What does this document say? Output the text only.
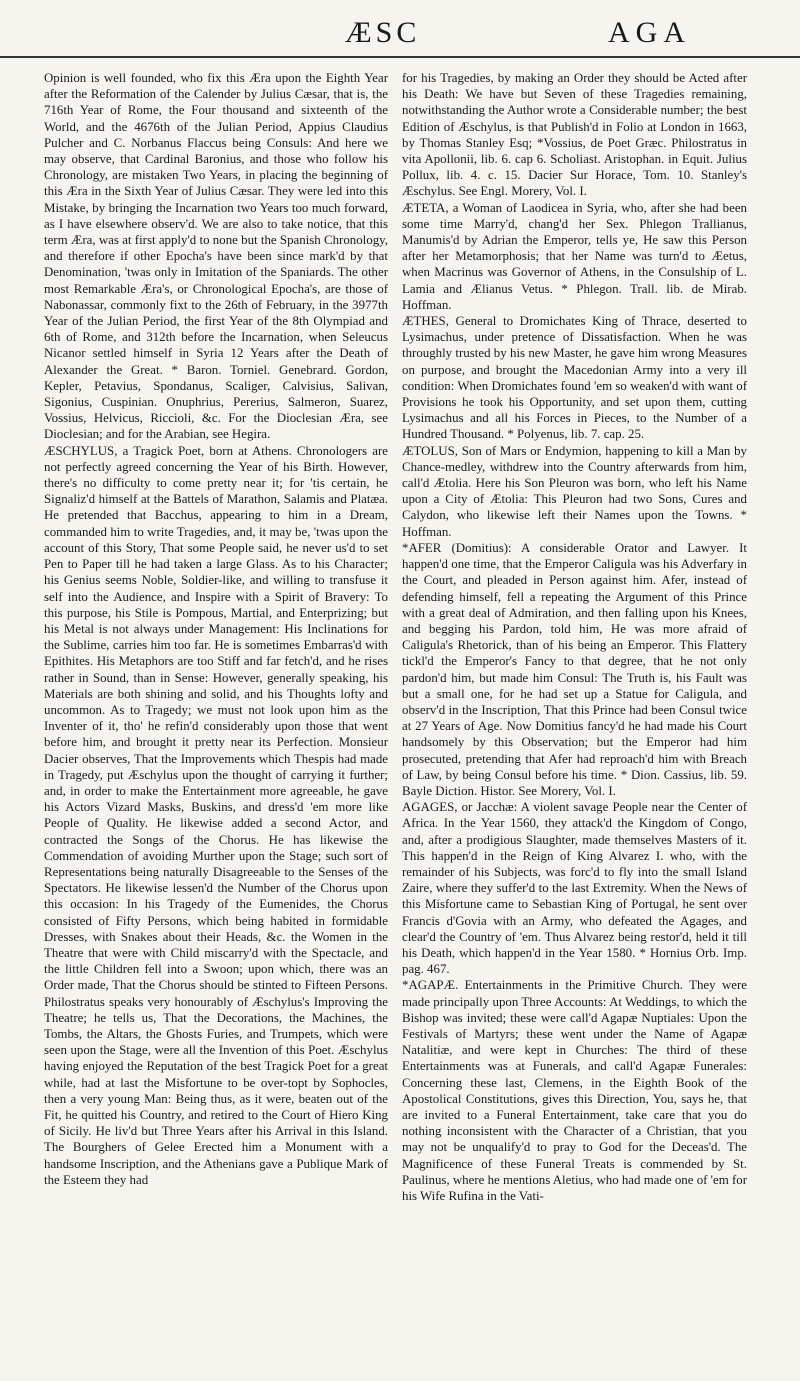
ÆSC	AGA

Opinion is well founded, who fix this Æra upon the Eighth Year after the Reformation of the Calender by Julius Cæsar, that is, the 716th Year of Rome, the Four thousand and sixteenth of the World, and the 4676th of the Julian Period, Appius Claudius Pulcher and C. Norbanus Flaccus being Consuls: And here we may observe, that Cardinal Baronius, and those who follow his Chronology, are mistaken Two Years, in placing the beginning of this Æra in the Sixth Year of Julius Cæsar. They were led into this Mistake, by bringing the Incarnation two Years too much forward, as I have elsewhere observ'd. We are also to take notice, that this term Æra, was at first apply'd to none but the Spanish Chronology, and therefore if other Epocha's have been since mark'd by that Denomination, 'twas only in Imitation of the Spaniards. The other most Remarkable Æra's, or Chronological Epocha's, are those of Nabonassar, commonly fixt to the 26th of February, in the 3977th Year of the Julian Period, the first Year of the 8th Olympiad and 6th of Rome, and 312th before the Incarnation, when Seleucus Nicanor settled himself in Syria 12 Years after the Death of Alexander the Great. * Baron. Torniel. Genebrard. Gordon, Kepler, Petavius, Spondanus, Scaliger, Calvisius, Salivan, Sigonius, Cuspinian. Onuphrius, Pererius, Salmeron, Suarez, Vossius, Helvicus, Riccioli, &c. For the Dioclesian Æra, see Dioclesian; and for the Arabian, see Hegira.

ÆSCHYLUS, a Tragick Poet, born at Athens. Chronologers are not perfectly agreed concerning the Year of his Birth. However, there's no difficulty to come pretty near it; for 'tis certain, he Signaliz'd himself at the Battels of Marathon, Salamis and Platæa. He pretended that Bacchus, appearing to him in a Dream, commanded him to write Tragedies, and, it may be, 'twas upon the account of this Story, That some People said, he never us'd to set Pen to Paper till he had taken a large Glass. As to his Character; his Genius seems Noble, Soldier-like, and willing to transfuse it self into the Audience, and Inspire with a Spirit of Bravery: To this purpose, his Stile is Pompous, Martial, and Enterprizing; but his Metal is not always under Management: His Inclinations for the Sublime, carries him too far. He is sometimes Embarras'd with Epithites. His Metaphors are too Stiff and far fetch'd, and he rises rather in Sound, than in Sense: However, generally speaking, his Materials are both shining and solid, and his Thoughts lofty and uncommon. As to Tragedy; we must not look upon him as the Inventer of it, tho' he refin'd considerably upon those that went before him, and brought it pretty near its Perfection. Monsieur Dacier observes, That the Improvements which Thespis had made in Tragedy, put Æschylus upon the thought of carrying it further; and, in order to make the Entertainment more agreeable, he gave his Actors Vizard Masks, Buskins, and dress'd 'em more like People of Quality. He likewise added a second Actor, and contracted the Songs of the Chorus. He has likewise the Commendation of avoiding Murther upon the Stage; such sort of Representations being naturally Disagreeable to the Senses of the Spectators. He likewise lessen'd the Number of the Chorus upon this occasion: In his Tragedy of the Eumenides, the Chorus consisted of Fifty Persons, which being habited in formidable Dresses, with Snakes about their Heads, &c. the Women in the Theatre that were with Child miscarry'd with the Spectacle, and the little Children fell into a Swoon; upon which, there was an Order made, That the Chorus should be stinted to Fifteen Persons. Philostratus speaks very honourably of Æschylus's Improving the Theatre; he tells us, That the Decorations, the Machines, the Tombs, the Altars, the Ghosts Furies, and Trumpets, which were seen upon the Stage, were all the Invention of this Poet. Æschylus having enjoyed the Reputation of the best Tragick Poet for a great while, had at last the Misfortune to be over-topt by Sophocles, then a very young Man: Being thus, as it were, beaten out of the Fit, he quitted his Country, and retired to the Court of Hiero King of Sicily. He liv'd but Three Years after his Arrival in this Island. The Bourghers of Gelee Erected him a Monument with a handsome Inscription, and the Athenians gave a Publique Mark of the Esteem they had

for his Tragedies, by making an Order they should be Acted after his Death: We have but Seven of these Tragedies remaining, notwithstanding the Author wrote a Considerable number; the best Edition of Æschylus, is that Publish'd in Folio at London in 1663, by Thomas Stanley Esq; *Vossius, de Poet Græc. Philostratus in vita Apollonii, lib. 6. cap 6. Scholiast. Aristophan. in Equit. Julius Pollux, lib. 4. c. 15. Dacier Sur Horace, Tom. 10. Stanley's Æschylus. See Engl. Morery, Vol. I.

ÆTETA, a Woman of Laodicea in Syria, who, after she had been some time Marry'd, chang'd her Sex. Phlegon Trallianus, Manumis'd by Adrian the Emperor, tells ye, He saw this Person after her Metamorphosis; that her Name was turn'd to Æetus, when Macrinus was Governor of Athens, in the Consulship of L. Lamia and Ælianus Vetus. * Phlegon. Trall. lib. de Mirab. Hoffman.

ÆTHES, General to Dromichates King of Thrace, deserted to Lysimachus, under pretence of Dissatisfaction. When he was throughly trusted by his new Master, he gave him wrong Measures on purpose, and brought the Macedonian Army into a very ill condition: When Dromichates found 'em so weaken'd with want of Provisions he took his Opportunity, and set upon them, cutting Lysimachus and all his Forces in Pieces, to the Number of a Hundred Thousand. * Polyenus, lib. 7. cap. 25.

ÆTOLUS, Son of Mars or Endymion, happening to kill a Man by Chance-medley, withdrew into the Country afterwards from him, call'd Ætolia. Here his Son Pleuron was born, who left his Name upon a City of Ætolia: This Pleuron had two Sons, Cures and Calydon, who likewise left their Names upon the Towns. * Hoffman.

*AFER (Domitius): A considerable Orator and Lawyer. It happen'd one time, that the Emperor Caligula was his Adverfary in the Court, and pleaded in Person against him. Afer, instead of defending himself, fell a repeating the Argument of this Prince with a great deal of Admiration, and then falling upon his Knees, and begging his Pardon, told him, He was more afraid of Caligula's Rhetorick, than of his being an Emperor. This Flattery tickl'd the Emperor's Fancy to that degree, that he not only pardon'd him, but made him Consul: The Truth is, his Fault was but a small one, for he had set up a Statue for Caligula, and observ'd in the Inscription, That this Prince had been Consul twice at 27 Years of Age. Now Domitius fancy'd he had made his Court handsomely by this Observation; but the Emperor had him prosecuted, pretending that Afer had reproach'd him with Breach of Law, by being Consul before his time. * Dion. Cassius, lib. 59. Bayle Diction. Histor. See Morery, Vol. I.

AGAGES, or Jacchæ: A violent savage People near the Center of Africa. In the Year 1560, they attack'd the Kingdom of Congo, and, after a prodigious Slaughter, made themselves Masters of it. This happen'd in the Reign of King Alvarez I. who, with the remainder of his Subjects, was forc'd to fly into the small Island Zaire, where they suffer'd to the last Extremity. When the News of this Misfortune came to Sebastian King of Portugal, he sent over Francis d'Govia with an Army, who defeated the Agages, and clear'd the Country of 'em. Thus Alvarez being restor'd, held it till his Death, which happen'd in the Year 1580. * Hornius Orb. Imp. pag. 467.

*AGAPÆ. Entertainments in the Primitive Church. They were made principally upon Three Accounts: At Weddings, to which the Bishop was invited; these were call'd Agapæ Nuptiales: Upon the Festivals of Martyrs; these went under the Name of Agapæ Natalitiæ, and were kept in Churches: The third of these Entertainments was at Funerals, and call'd Agapæ Funerales: Concerning these last, Clemens, in the Eighth Book of the Apostolical Constitutions, gives this Direction, You, says he, that are invited to a Funeral Entertainment, take care that you do nothing inconsistent with the Character of a Christian, that you may not be unqualify'd to pray to God for the Deceas'd. The Magnificence of these Funeral Treats is commended by St. Paulinus, where he mentions Aletius, who had made one of 'em for his Wife Rufina in the Vati-
